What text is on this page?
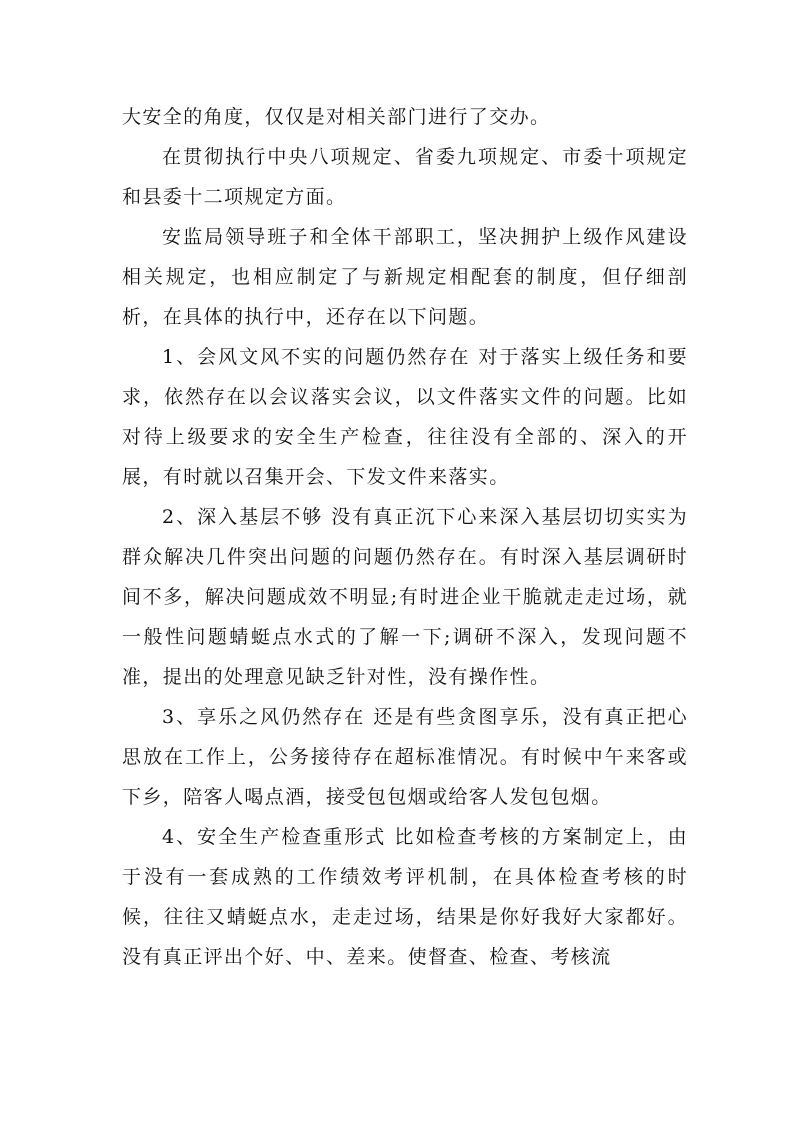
大安全的角度，仅仅是对相关部门进行了交办。

在贯彻执行中央八项规定、省委九项规定、市委十项规定和县委十二项规定方面。

安监局领导班子和全体干部职工，坚决拥护上级作风建设相关规定，也相应制定了与新规定相配套的制度，但仔细剖析，在具体的执行中，还存在以下问题。

1、会风文风不实的问题仍然存在 对于落实上级任务和要求，依然存在以会议落实会议，以文件落实文件的问题。比如对待上级要求的安全生产检查，往往没有全部的、深入的开展，有时就以召集开会、下发文件来落实。

2、深入基层不够 没有真正沉下心来深入基层切切实实为群众解决几件突出问题的问题仍然存在。有时深入基层调研时间不多，解决问题成效不明显;有时进企业干脆就走走过场，就一般性问题蜻蜓点水式的了解一下;调研不深入，发现问题不准，提出的处理意见缺乏针对性，没有操作性。

3、享乐之风仍然存在 还是有些贪图享乐，没有真正把心思放在工作上，公务接待存在超标准情况。有时候中午来客或下乡，陪客人喝点酒，接受包包烟或给客人发包包烟。

4、安全生产检查重形式 比如检查考核的方案制定上，由于没有一套成熟的工作绩效考评机制，在具体检查考核的时候，往往又蜻蜓点水，走走过场，结果是你好我好大家都好。没有真正评出个好、中、差来。使督查、检查、考核流
